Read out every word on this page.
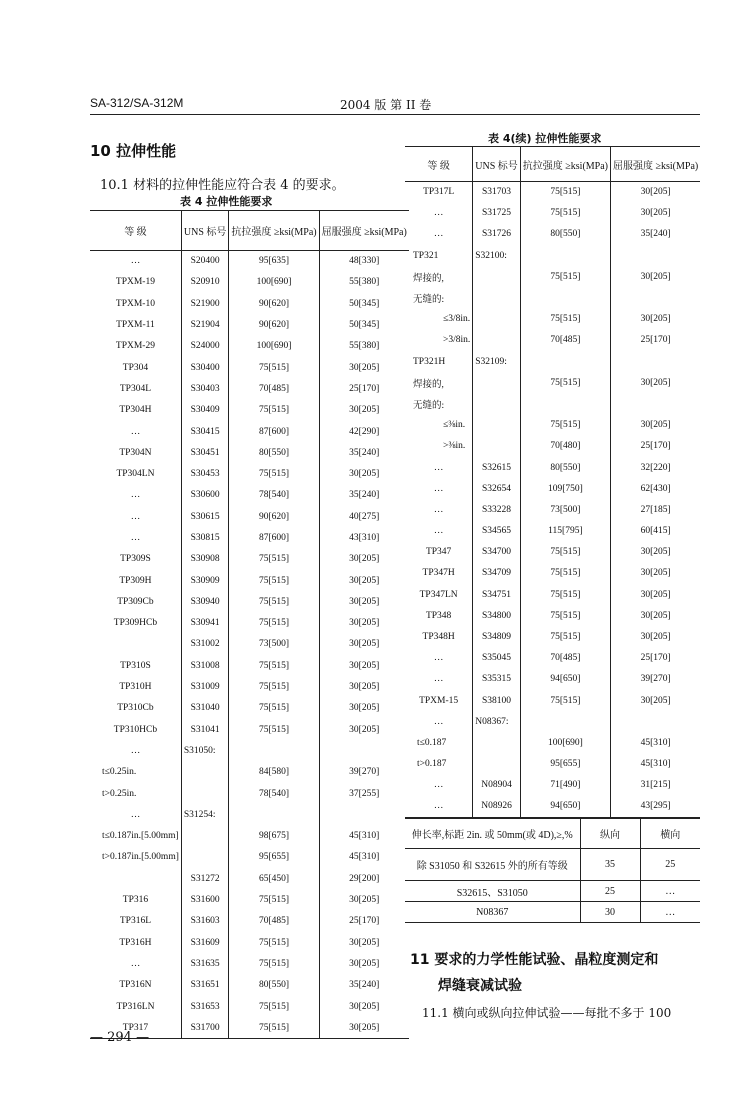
SA-312/SA-312M	2004 版 第 II 卷
10 拉伸性能
10.1 材料的拉伸性能应符合表 4 的要求。
表 4 拉伸性能要求
等 级	UNS 标号	抗拉强度 ≥ksi(MPa)	屈服强度 ≥ksi(MPa)
…	S20400	95[635]	48[330]
TPXM-19	S20910	100[690]	55[380]
TPXM-10	S21900	90[620]	50[345]
TPXM-11	S21904	90[620]	50[345]
TPXM-29	S24000	100[690]	55[380]
TP304	S30400	75[515]	30[205]
TP304L	S30403	70[485]	25[170]
TP304H	S30409	75[515]	30[205]
…	S30415	87[600]	42[290]
TP304N	S30451	80[550]	35[240]
TP304LN	S30453	75[515]	30[205]
…	S30600	78[540]	35[240]
…	S30615	90[620]	40[275]
…	S30815	87[600]	43[310]
TP309S	S30908	75[515]	30[205]
TP309H	S30909	75[515]	30[205]
TP309Cb	S30940	75[515]	30[205]
TP309HCb	S30941	75[515]	30[205]
	S31002	73[500]	30[205]
TP310S	S31008	75[515]	30[205]
TP310H	S31009	75[515]	30[205]
TP310Cb	S31040	75[515]	30[205]
TP310HCb	S31041	75[515]	30[205]
…	S31050:		
t≤0.25in.		84[580]	39[270]
t>0.25in.		78[540]	37[255]
…	S31254:		
t≤0.187in.[5.00mm]		98[675]	45[310]
t>0.187in.[5.00mm]		95[655]	45[310]
	S31272	65[450]	29[200]
TP316	S31600	75[515]	30[205]
TP316L	S31603	70[485]	25[170]
TP316H	S31609	75[515]	30[205]
…	S31635	75[515]	30[205]
TP316N	S31651	80[550]	35[240]
TP316LN	S31653	75[515]	30[205]
TP317	S31700	75[515]	30[205]
表 4(续) 拉伸性能要求
等 级	UNS 标号	抗拉强度 ≥ksi(MPa)	屈服强度 ≥ksi(MPa)
TP317L	S31703	75[515]	30[205]
…	S31725	75[515]	30[205]
…	S31726	80[550]	35[240]
TP321	S32100:		
焊接的,		75[515]	30[205]
无缝的:			
≤3/8in.		75[515]	30[205]
>3/8in.		70[485]	25[170]
TP321H	S32109:		
焊接的,		75[515]	30[205]
无缝的:			
≤⅜in.		75[515]	30[205]
>⅜in.		70[480]	25[170]
…	S32615	80[550]	32[220]
…	S32654	109[750]	62[430]
…	S33228	73[500]	27[185]
…	S34565	115[795]	60[415]
TP347	S34700	75[515]	30[205]
TP347H	S34709	75[515]	30[205]
TP347LN	S34751	75[515]	30[205]
TP348	S34800	75[515]	30[205]
TP348H	S34809	75[515]	30[205]
…	S35045	70[485]	25[170]
…	S35315	94[650]	39[270]
TPXM-15	S38100	75[515]	30[205]
…	N08367:		
t≤0.187		100[690]	45[310]
t>0.187		95[655]	45[310]
…	N08904	71[490]	31[215]
…	N08926	94[650]	43[295]
伸长率,标距 2in. 或 50mm(或 4D),≥,%	纵向	横向
除 S31050 和 S32615 外的所有等级	35	25
S32615、S31050	25	…
N08367	30	…
11 要求的力学性能试验、晶粒度测定和
焊缝衰减试验
11.1 横向或纵向拉伸试验——每批不多于 100
— 294 —
